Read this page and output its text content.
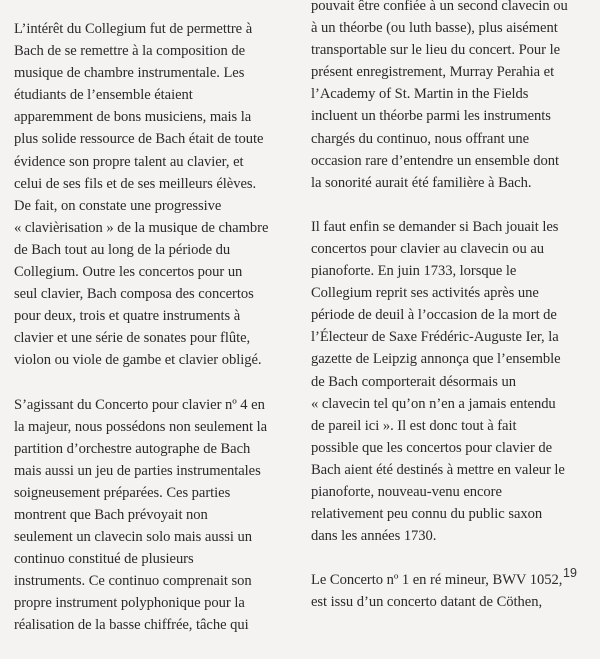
L’intérêt du Collegium fut de permettre à
Bach de se remettre à la composition de
musique de chambre instrumentale. Les
étudiants de l’ensemble étaient
apparemment de bons musiciens, mais la
plus solide ressource de Bach était de toute
évidence son propre talent au clavier, et
celui de ses fils et de ses meilleurs élèves.
De fait, on constate une progressive
« clavièrisation » de la musique de chambre
de Bach tout au long de la période du
Collegium. Outre les concertos pour un
seul clavier, Bach composa des concertos
pour deux, trois et quatre instruments à
clavier et une série de sonates pour flûte,
violon ou viole de gambe et clavier obligé.
S’agissant du Concerto pour clavier nº 4 en
la majeur, nous possédons non seulement la
partition d’orchestre autographe de Bach
mais aussi un jeu de parties instrumentales
soigneusement préparées. Ces parties
montrent que Bach prévoyait non
seulement un clavecin solo mais aussi un
continuo constitué de plusieurs
instruments. Ce continuo comprenait son
propre instrument polyphonique pour la
réalisation de la basse chiffrée, tâche qui
pouvait être confiée à un second clavecin ou
à un théorbe (ou luth basse), plus aisément
transportable sur le lieu du concert. Pour le
présent enregistrement, Murray Perahia et
l’Academy of St. Martin in the Fields
incluent un théorbe parmi les instruments
chargés du continuo, nous offrant une
occasion rare d’entendre un ensemble dont
la sonorité aurait été familière à Bach.
Il faut enfin se demander si Bach jouait les
concertos pour clavier au clavecin ou au
pianoforte. En juin 1733, lorsque le
Collegium reprit ses activités après une
période de deuil à l’occasion de la mort de
l’Électeur de Saxe Frédéric-Auguste Ier, la
gazette de Leipzig annonça que l’ensemble
de Bach comporterait désormais un
« clavecin tel qu’on n’en a jamais entendu
de pareil ici ». Il est donc tout à fait
possible que les concertos pour clavier de
Bach aient été destinés à mettre en valeur le
pianoforte, nouveau-venu encore
relativement peu connu du public saxon
dans les années 1730.
Le Concerto nº 1 en ré mineur, BWV 1052,
est issu d’un concerto datant de Cöthen,
19
